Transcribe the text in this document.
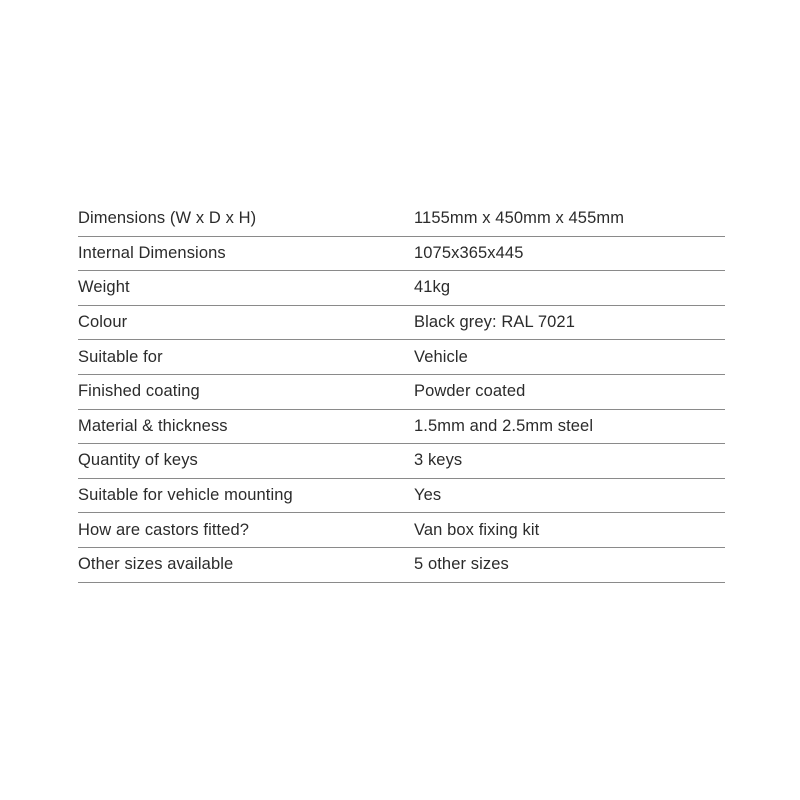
Dimensions (W x D x H)	1155mm x 450mm x 455mm
Internal Dimensions	1075x365x445
Weight	41kg
Colour	Black grey: RAL 7021
Suitable for	Vehicle
Finished coating	Powder coated
Material & thickness	1.5mm and 2.5mm steel
Quantity of keys	3 keys
Suitable for vehicle mounting	Yes
How are castors fitted?	Van box fixing kit
Other sizes available	5 other sizes
